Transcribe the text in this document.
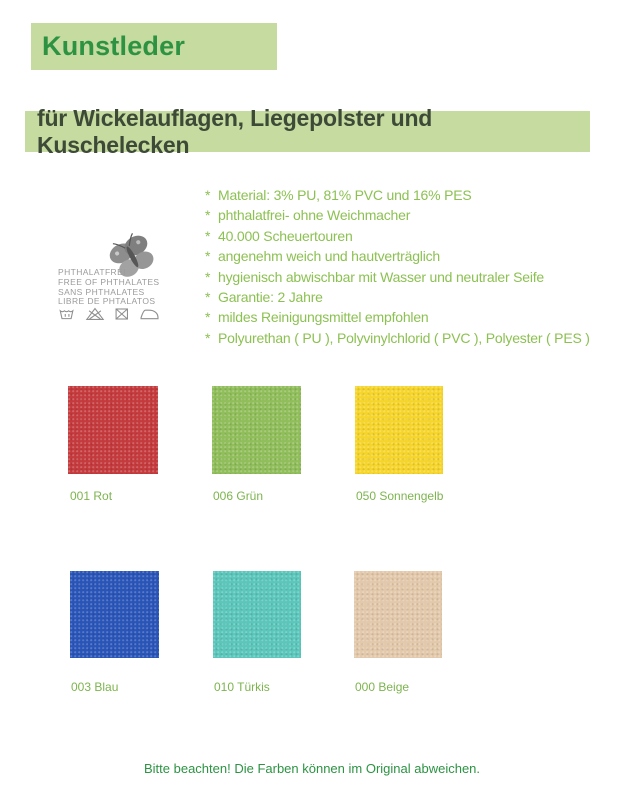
Kunstleder
für Wickelauflagen, Liegepolster und Kuschelecken
PHTHALATFREI
FREE OF PHTHALATES
SANS PHTHALATES
LIBRE DE PHTALATOS
* Material: 3% PU, 81% PVC und 16% PES
* phthalatfrei- ohne Weichmacher
* 40.000 Scheuertouren
* angenehm weich und hautverträglich
* hygienisch abwischbar mit Wasser und neutraler Seife
* Garantie: 2 Jahre
* mildes Reinigungsmittel empfohlen
* Polyurethan ( PU ), Polyvinylchlorid ( PVC ), Polyester ( PES )
001 Rot	006 Grün	050 Sonnengelb
003 Blau	010 Türkis	000 Beige
Bitte beachten! Die Farben können im Original abweichen.
